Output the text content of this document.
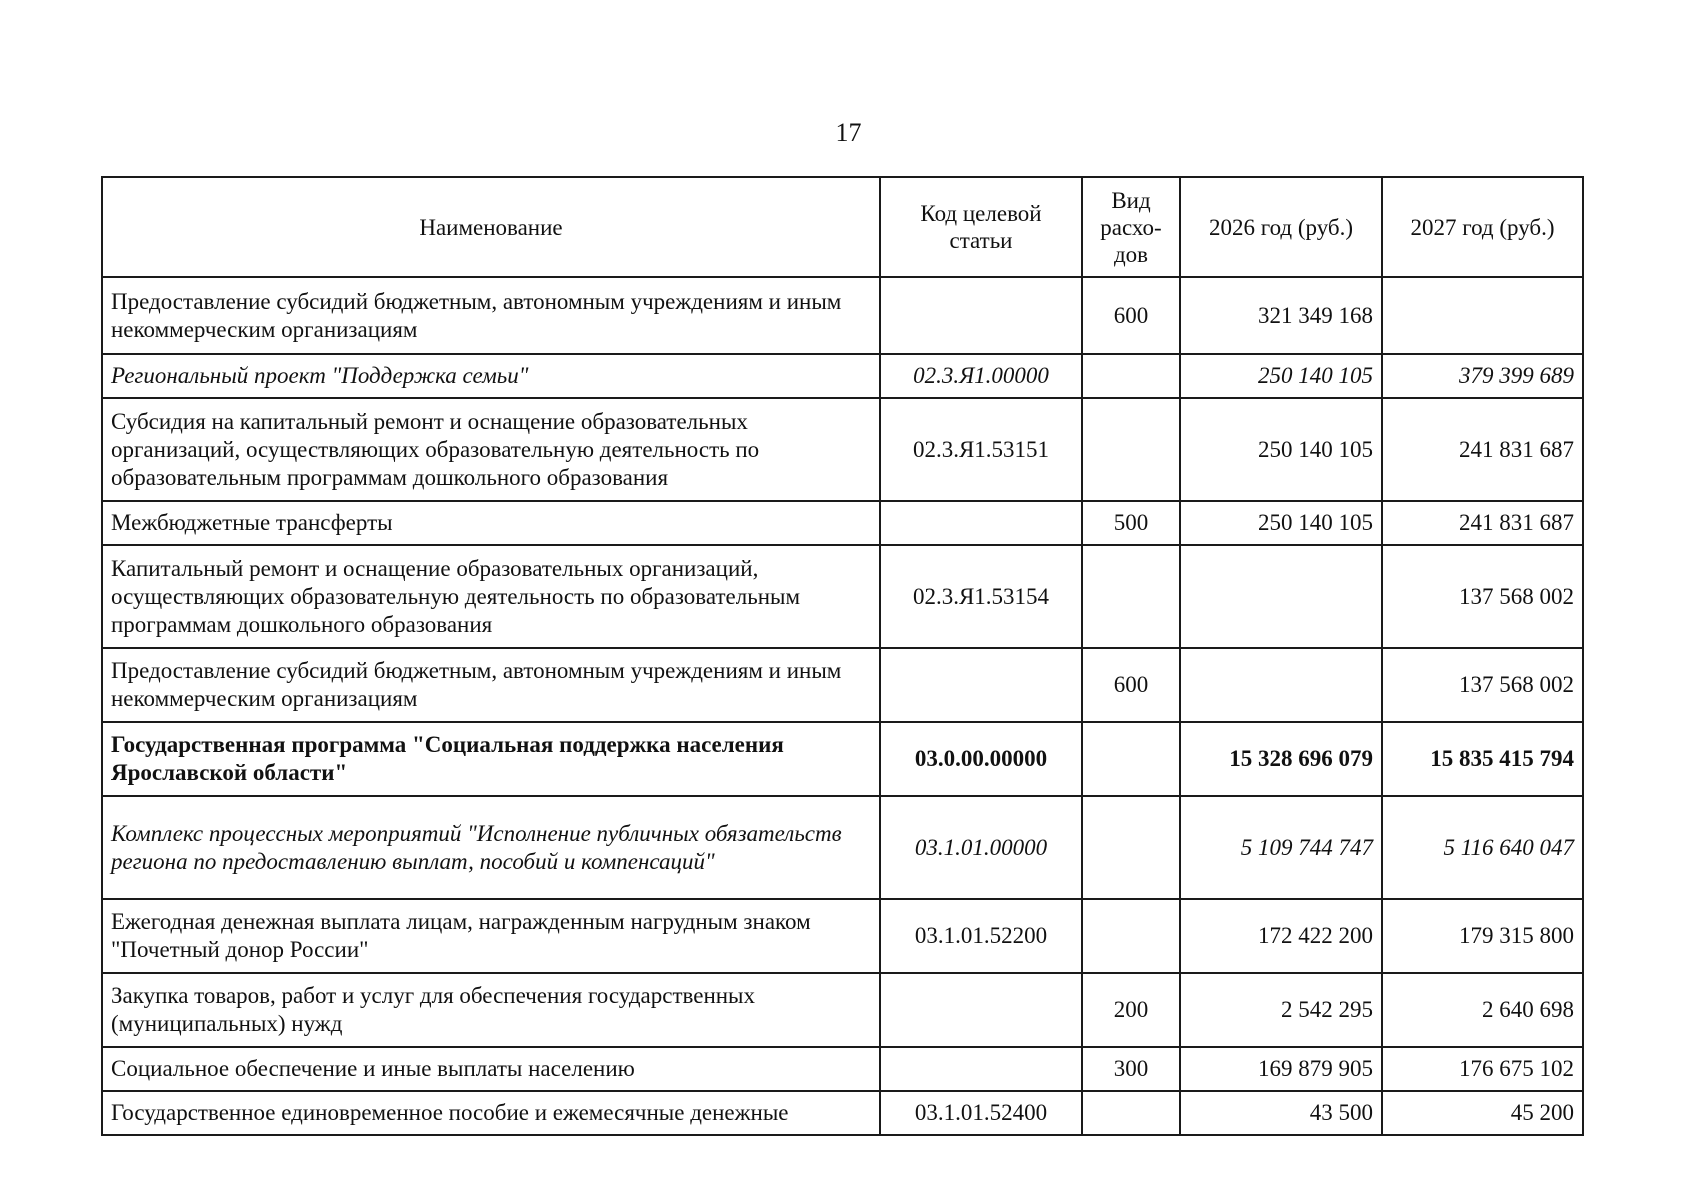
17
Наименование	Код целевой статьи	Вид расхо-дов	2026 год (руб.)	2027 год (руб.)
Предоставление субсидий бюджетным, автономным учреждениям и иным некоммерческим организациям		600	321 349 168	
Региональный проект "Поддержка семьи"	02.3.Я1.00000		250 140 105	379 399 689
Субсидия на капитальный ремонт и оснащение образовательных организаций, осуществляющих образовательную деятельность по образовательным программам дошкольного образования	02.3.Я1.53151		250 140 105	241 831 687
Межбюджетные трансферты		500	250 140 105	241 831 687
Капитальный ремонт и оснащение образовательных организаций, осуществляющих образовательную деятельность по образовательным программам дошкольного образования	02.3.Я1.53154			137 568 002
Предоставление субсидий бюджетным, автономным учреждениям и иным некоммерческим организациям		600		137 568 002
Государственная программа "Социальная поддержка населения Ярославской области"	03.0.00.00000		15 328 696 079	15 835 415 794
Комплекс процессных мероприятий "Исполнение публичных обязательств региона по предоставлению выплат, пособий и компенсаций"	03.1.01.00000		5 109 744 747	5 116 640 047
Ежегодная денежная выплата лицам, награжденным нагрудным знаком "Почетный донор России"	03.1.01.52200		172 422 200	179 315 800
Закупка товаров, работ и услуг для обеспечения государственных (муниципальных) нужд		200	2 542 295	2 640 698
Социальное обеспечение и иные выплаты населению		300	169 879 905	176 675 102
Государственное единовременное пособие и ежемесячные денежные	03.1.01.52400		43 500	45 200
